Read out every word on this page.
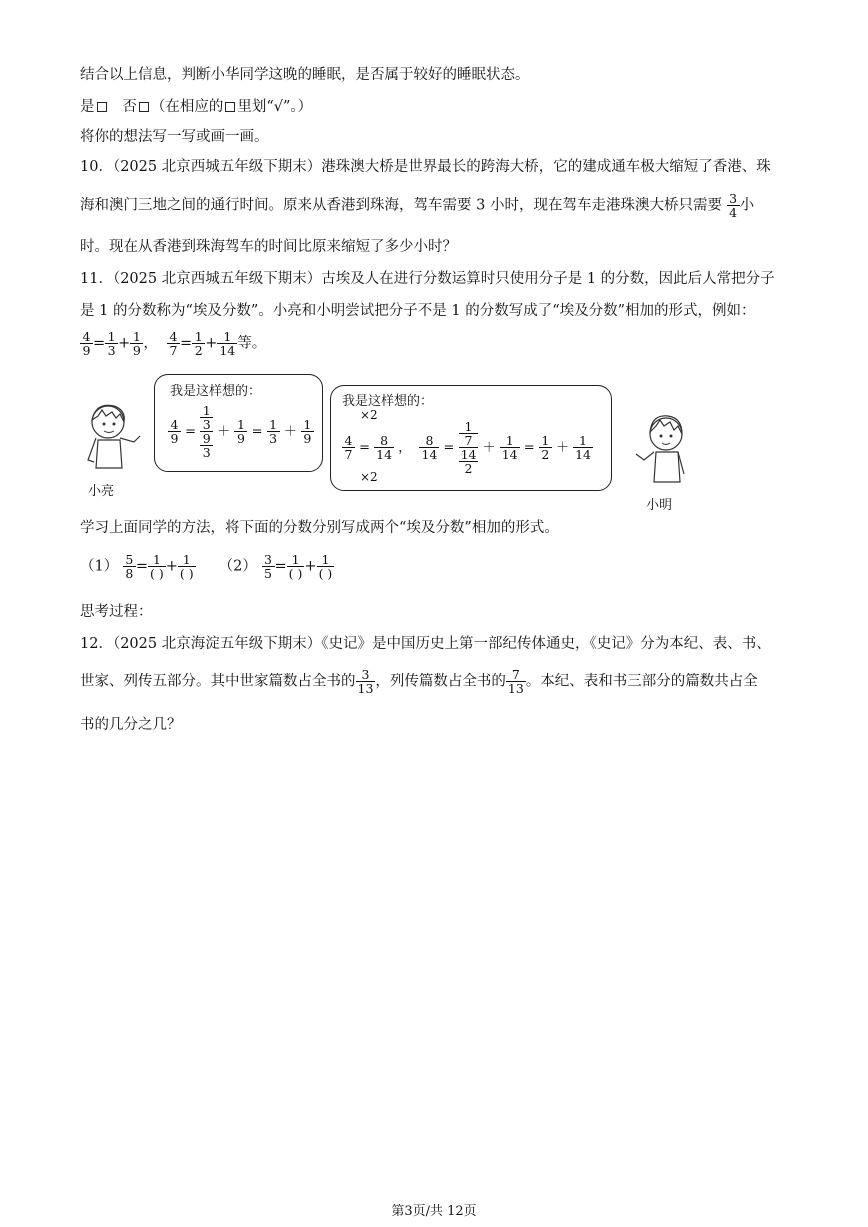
结合以上信息，判断小华同学这晚的睡眠，是否属于较好的睡眠状态。
是 否 （在相应的 里划“√”。）
将你的想法写一写或画一画。
10．（2025 北京西城五年级下期末）港珠澳大桥是世界最长的跨海大桥，它的建成通车极大缩短了香港、珠
海和澳门三地之间的通行时间。原来从香港到珠海，驾车需要 3 小时，现在驾车走港珠澳大桥只需要 $\frac{3}{4}$ 小
时。现在从香港到珠海驾车的时间比原来缩短了多少小时？
11．（2025 北京西城五年级下期末）古埃及人在进行分数运算时只使用分子是 1 的分数，因此后人常把分子
是 1 的分数称为“埃及分数”。小亮和小明尝试把分子不是 1 的分数写成了“埃及分数”相加的形式，例如：
$\frac{4}{9} = \frac{1}{3} + \frac{1}{9}$ ， $\frac{4}{7} = \frac{1}{2} + \frac{1}{14}$ 等。
小亮
我是这样想的：
$\frac{4}{9}$ =
1
3
9
3
＋ $\frac{1}{9} = \frac{1}{3} + \frac{1}{9}$
我是这样想的：
×2
×2
$\frac{4}{7} = \frac{8}{14}$ ， $\frac{8}{14}$ =
1
7
14
2
＋ $\frac{1}{14} = \frac{1}{2} + \frac{1}{14}$
小明
学习上面同学的方法，将下面的分数分别写成两个“埃及分数”相加的形式。
$(1) \frac{5}{8} = 1$
( ) + 1
( ) $(2) \frac{3}{5} = 1$
( ) + 1
( )
思考过程：
12．（2025 北京海淀五年级下期末）《史记》是中国历史上第一部纪传体通史，《史记》分为本纪、表、书、
世家、列传五部分。其中世家篇数占全书的 $\frac{3}{13}$ ，列传篇数占全书的 $\frac{7}{13}$ 。本纪、表和书三部分的篇数共占全
书的几分之几？
第3页/共 12页
